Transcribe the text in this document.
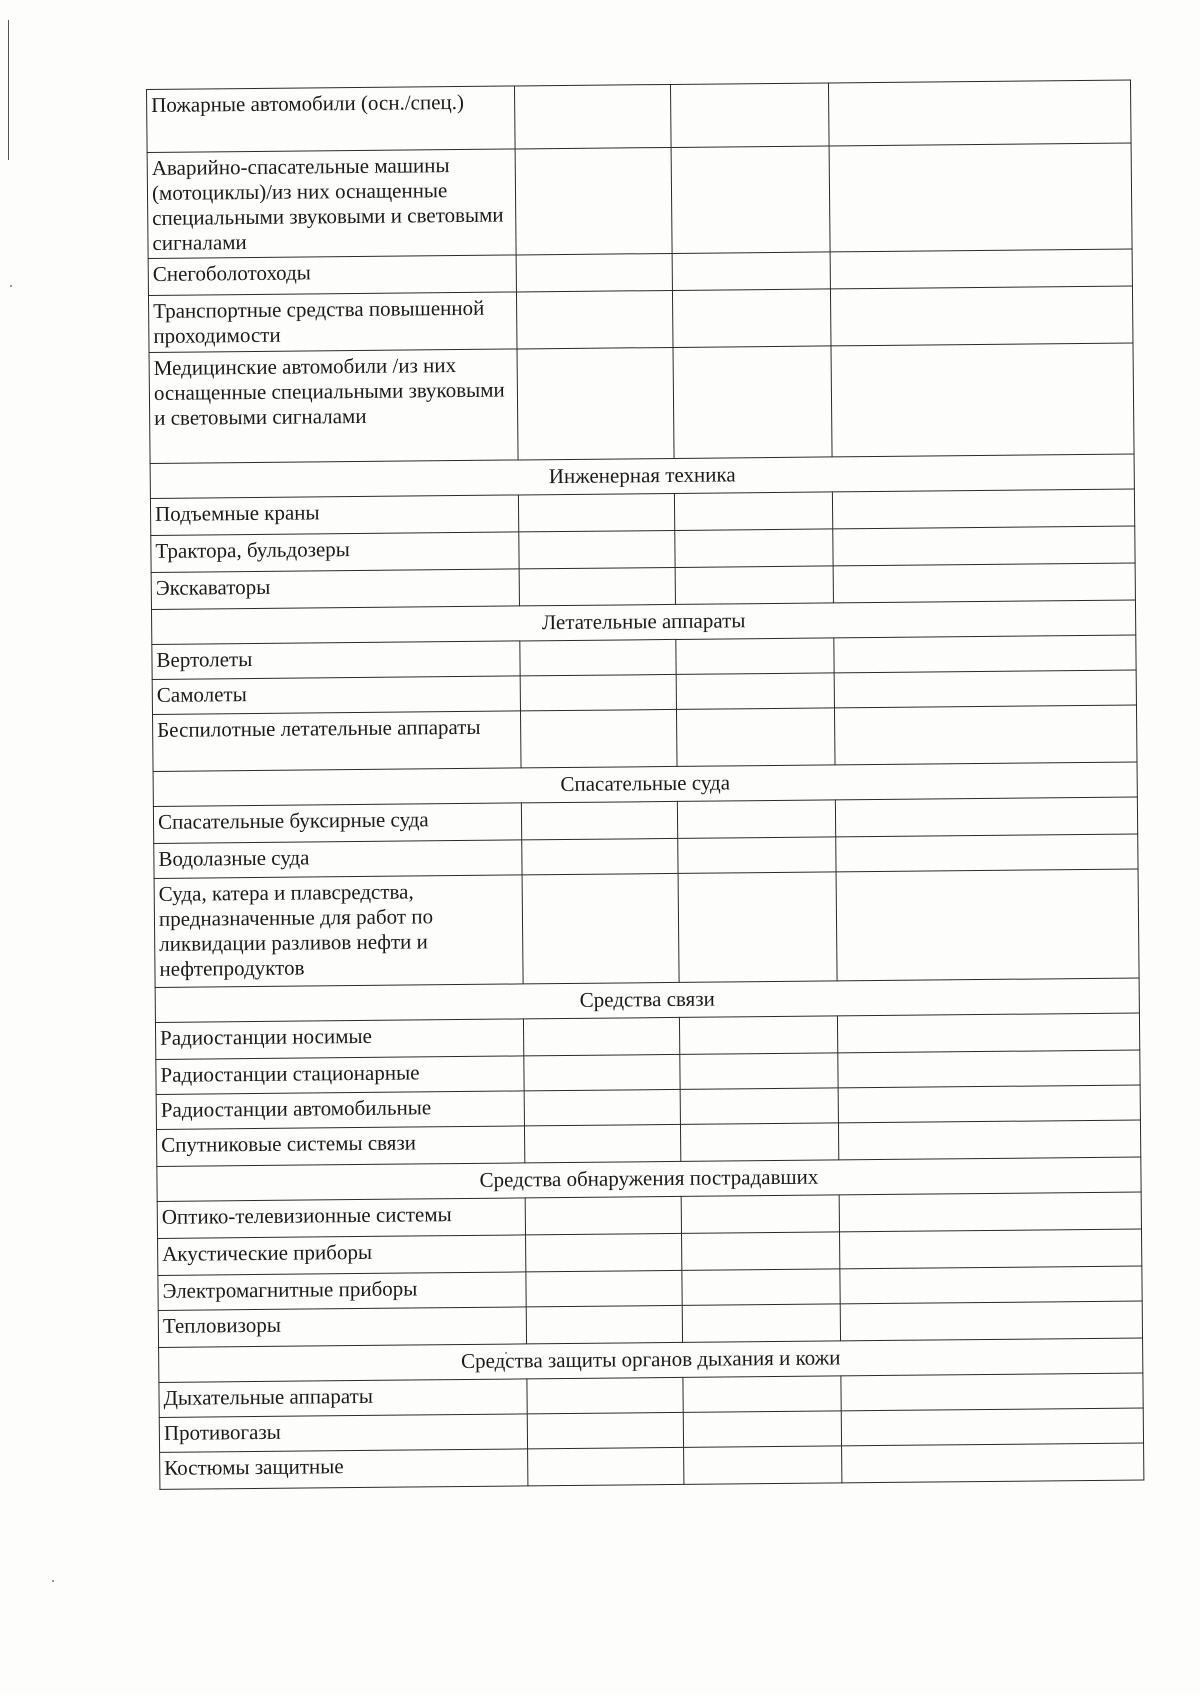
Пожарные автомобили (осн./спец.)			
Аварийно-спасательные машины (мотоциклы)/из них оснащенные специальными звуковыми и световыми сигналами			
Снегоболотоходы			
Транспортные средства повышенной проходимости			
Медицинские автомобили /из них оснащенные специальными звуковыми и световыми сигналами			
Инженерная техника			
Подъемные краны			
Трактора, бульдозеры			
Экскаваторы			
Летательные аппараты			
Вертолеты			
Самолеты			
Беспилотные летательные аппараты			
Спасательные суда			
Спасательные буксирные суда			
Водолазные суда			
Суда, катера и плавсредства, предназначенные для работ по ликвидации разливов нефти и нефтепродуктов			
Средства связи			
Радиостанции носимые			
Радиостанции стационарные			
Радиостанции автомобильные			
Спутниковые системы связи			
Средства обнаружения пострадавших			
Оптико-телевизионные системы			
Акустические приборы			
Электромагнитные приборы			
Тепловизоры			
Средства защиты органов дыхания и кожи			
Дыхательные аппараты			
Противогазы			
Костюмы защитные			
